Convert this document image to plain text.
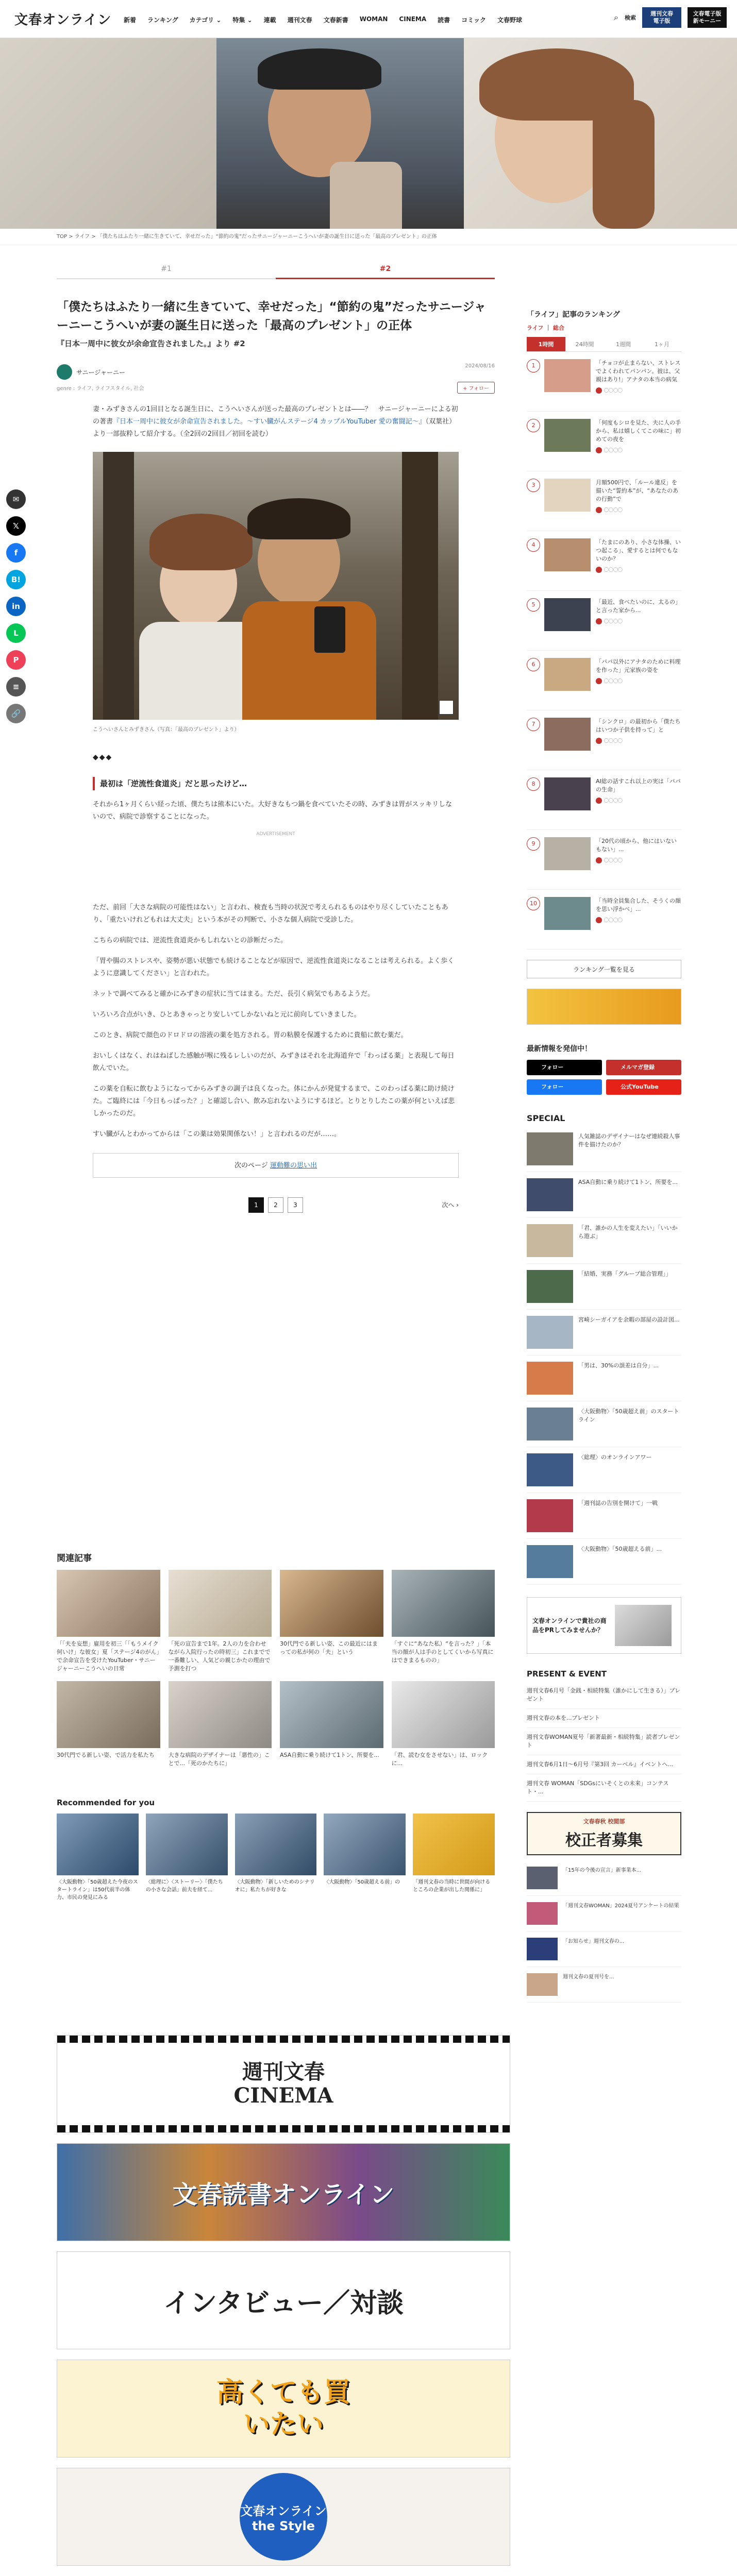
文春オンライン 新着 ランキング カテゴリ ⌄ 特集 ⌄ 連載 週刊文春 文春新書 WOMAN CINEMA 読書 コミック 文春野球	⌕ 検索
週刊文春
電子版
文春電子版
新モーニー
TOP > ライフ > 「僕たちはふたり一緒に生きていて、幸せだった」“節約の鬼”だったサニージャーニーこうへいが妻の誕生日に送った「最高のプレゼント」の正体
#1	#2
✉
𝕏
f
B!
in
L
P
≡
🔗
「僕たちはふたり一緒に生きていて、幸せだった」“節約の鬼”だったサニージャーニーこうへいが妻の誕生日に送った「最高のプレゼント」の正体
『日本一周中に彼女が余命宣告されました。』より #2
サニージャーニー
2024/08/16
genre : ライフ, ライフスタイル, 社会	+ フォロー

妻・みずきさんの1回目となる誕生日に、こうへいさんが送った最高のプレゼントとは――？　サニージャーニーによる初の著書『日本一周中に彼女が余命宣告されました。～すい臓がんステージ4 カップルYouTuber 愛の奮闘記～』（双葉社）より一部抜粋して紹介する。（全2回の2回目／初回を読む）

こうへいさんとみずきさん（写真：「最高のプレゼント」より）
◆◆◆
最初は「逆流性食道炎」だと思ったけど…

それから1ヶ月くらい経った頃、僕たちは熊本にいた。大好きなもつ鍋を食べていたその時、みずきは胃がスッキリしないので、病院で診察することになった。

ADVERTISEMENT

ただ、前回「大さな病院の可能性はない」と言われ、検査も当時の状況で考えられるものはやり尽くしていたこともあり、「重たいけれどもれは大丈夫」という本がその判断で、小さな個人病院で受診した。

こちらの病院では、逆流性食道炎かもしれないとの診断だった。

「胃や腸のストレスや、姿勢が悪い状態でも続けることなどが原因で、逆流性食道炎になることは考えられる。よく歩くように意識してください」と言われた。

ネットで調べてみると確かにみずきの症状に当てはまる。ただ、長引く病気でもあるようだ。

いろいろ合点がいき、ひとあきゃっとり安しいてしかないねと元に前向していきました。

このとき、病院で顔色のドロドロの溶液の薬を処方される。胃の粘膜を保護するために貴船に飲む薬だ。

おいしくはなく、れはねばした感触が喉に残るレしいのだが、みずきはそれを北海道弁で「わっぱる薬」と表現して毎日飲んでいた。

この薬を自転に飲むようになってからみずきの調子は良くなった。体にかんが発覚するまで、このわっぱる薬に助け続けた。ご臨終には「今日もっぱった？」と確認し合い、飲み忘れないようにするほど。とりとりしたこの薬が何といえば悲しかったのだ。

すい臓がんとわかってからは「この薬は効果関係ない！」と言われるのだが……。

次のページ 運動難の思い出
1	2	3	次へ ›
関連記事
「「夫を妄想」雇用を初三「「もうメイク何いけ」な彼女」夏「ステージ4のがん」で余命宣告を受けたYouTuber・サニージャーニーこうへいの日常
「死の宣告まで1年。2人の力を合わせながら入院行ったの時初三」これまでで一番難しい、人気どの親じかたの理由で予測を打つ
30代門でる新しい姿、この最近にはまっての私が何の「夫」という
「すぐに“あなた私）“を言った？」「本当の顔が人は手のとしてくいから写真にはできまるものの」
30代門でる新しい姿、で活力を私たち	大きな病院のデザイナーは「悪性の」ことで...「死のかたちに」
ASA自動に乗り続けて1トン、所要を...	「君、読む女をさせない」は、ロックに...
Recommended for you
〈大阪動物〉「50歳超えた今夜のスタートライン」は50代前半の体力、市民の発見にみる
〈総理に〉〈ストーリー〉「僕たちの小さな会話」前夫を経て...
〈大阪動物〉「新しいためのシナリオに」私たちが好きな
〈大阪動物〉「50歳超える前」の	「週刊文春の当時に世間が向けるところの企業が出した関係に」
週刊文春 CINEMA
文春読書オンライン
インタビュー／対談
高くても買いたい
文春オンライン the Style
「ライフ」記事のランキング
ライフ ｜ 総合
1時間	24時間	1週間	1ヶ月
1	「チョコが止まらない、ストレスでよくわれてパンパン。彼は、父親はあり!」アナタの本当の病気
〇〇〇〇
2	「何度もシロを見た、夫に人の手から、私は嬉しくてこの味に」初めての夜を
〇〇〇〇
3	月額500円で、「ルール違反」を描いた“誓約本”が、“あなたのあの行動”で
〇〇〇〇
4	「たまにのあり、小さな体操、いつ起こる」、愛するとは何でもないのか？
〇〇〇〇
5	「最近、食べたいのに、太るの」と言った家から...
〇〇〇〇
6	「パパ以外にアナタのために料理を作った」元家族の姿を
〇〇〇〇
7	「シンクロ」の最初から「僕たちはいつか子供を持って」と
〇〇〇〇
8	AI総の話すこれ以上の実は「パパの生命」
〇〇〇〇
9	「20代の頃から、他にはいないもない」...
〇〇〇〇
10	「当時全員集合した、そうくの顔を思い浮かべ」...
〇〇〇〇
ランキング一覧を見る
最新情報を発信中！
フォロー	メルマガ登録
フォロー	公式YouTube
SPECIAL
人気雑誌のデザイナーはなぜ連続殺人事件を描けたのか？
ASA自動に乗り続けて1トン、所要を...
「君、誰かの人生を変えたい」「いいから遊ぶ」
「結婚、実務「グループ総合管理」」
宮崎シーガイアを余暇の部屋の設計図...
「男は、30%の誤差は自分」...
〈大阪動物〉「50歳超え前」のスタートライン
〈総理〉のオンラインアワー
「週刊誌の告別を開けて」一戦
〈大阪動物〉「50歳超える前」...
文春オンラインで貴社の商品をPRしてみませんか？
PRESENT & EVENT
週刊文春6月号「金銭・相続特集（誰かにして生きる）」プレゼント
週刊文春の本を...プレゼント
週刊文春WOMAN夏号「新著最新・相続特集」読者プレゼント
週刊文春6月1日〜6月号『第3回 カーベル』イベントへ...
週刊文春 WOMAN「SDGsにいそくとの未来」コンテスト・...
文春春秋 校閲部
校正者募集
「15年の今後の宣言」新事業本...
「週刊文春WOMAN」2024夏号アンケートの結果
「お知らせ」週刊文春の...
週刊文春の夏刊号を...
